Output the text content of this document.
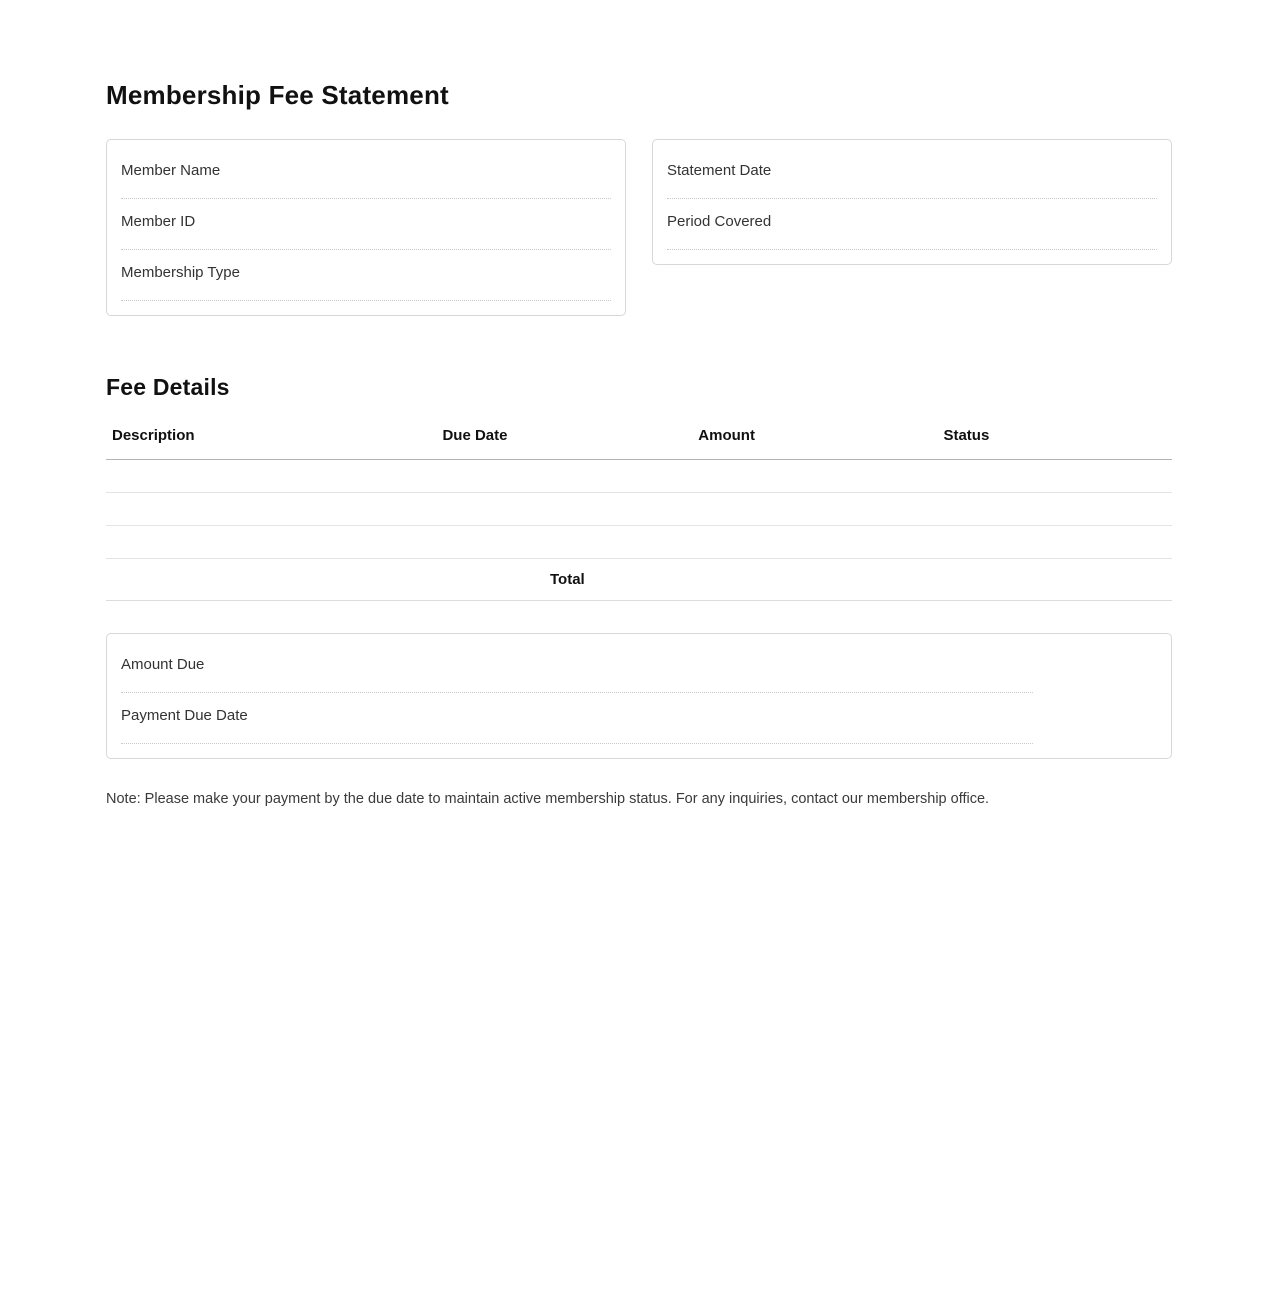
Membership Fee Statement
Member Name
Member ID
Membership Type
Statement Date
Period Covered
Fee Details
Description	Due Date	Amount	Status

	Total		
Amount Due
Payment Due Date

Note: Please make your payment by the due date to maintain active membership status. For any inquiries, contact our membership office.
